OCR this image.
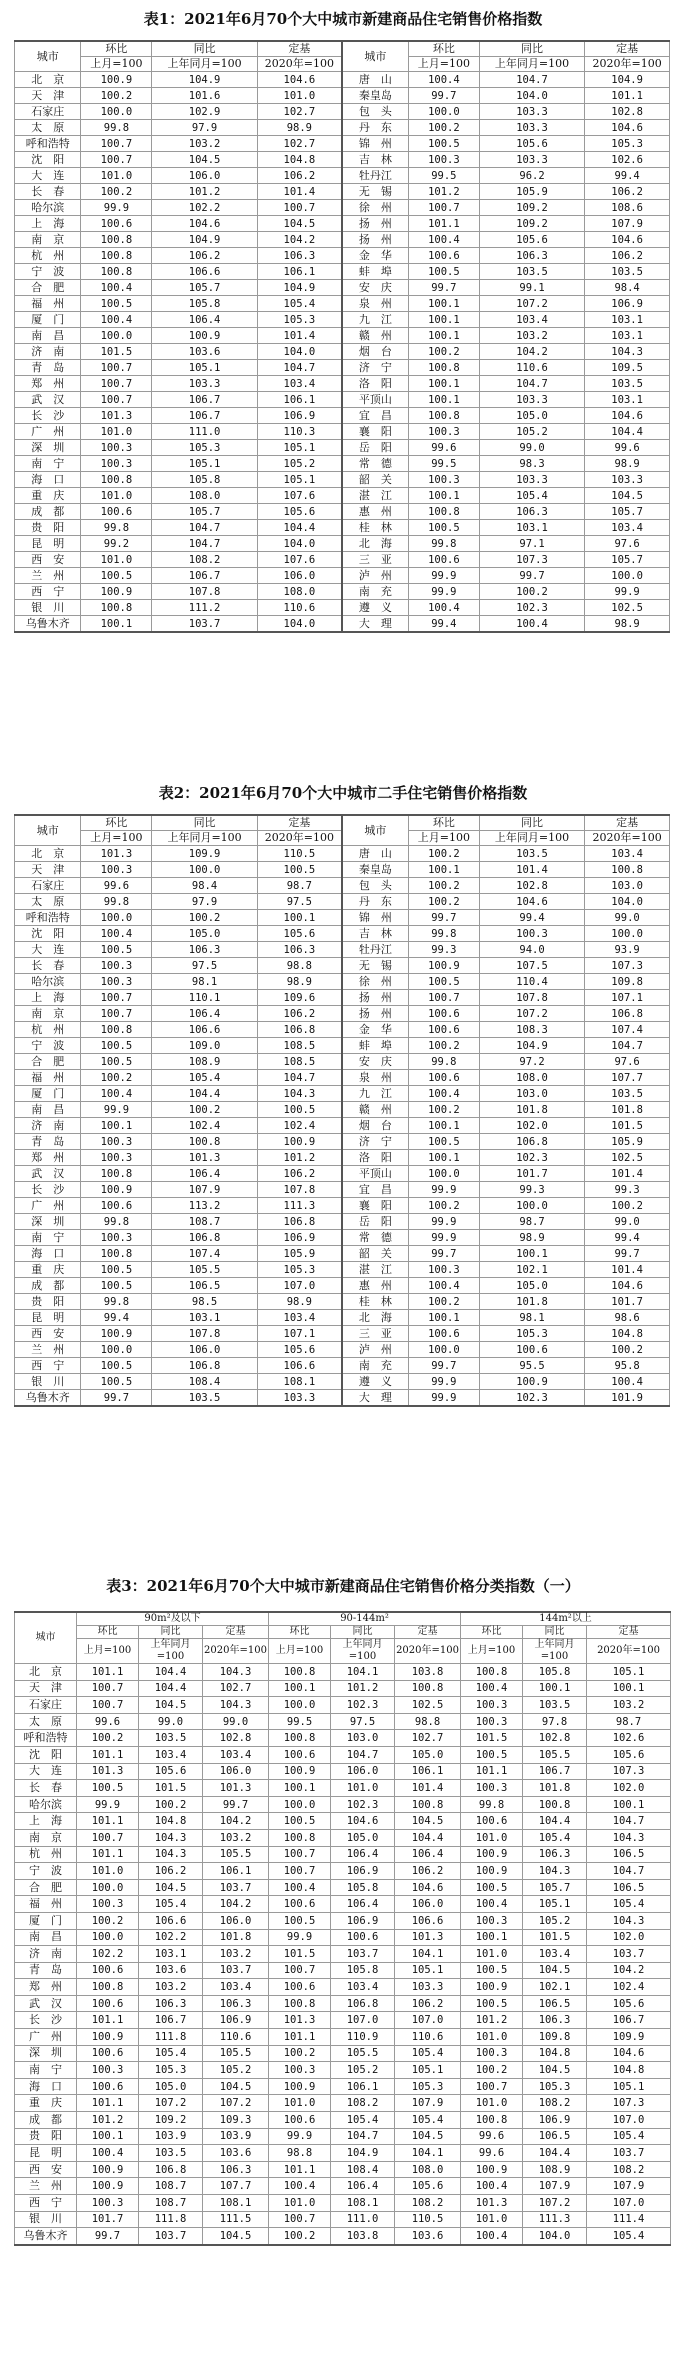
表1：2021年6月70个大中城市新建商品住宅销售价格指数

城市	环比	同比	定基	城市	环比	同比	定基
	上月=100	上年同月=100	2020年=100		上月=100	上年同月=100	2020年=100
北　京	100.9	104.9	104.6	唐　山	100.4	104.7	104.9
天　津	100.2	101.6	101.0	秦皇岛	99.7	104.0	101.1
石家庄	100.0	102.9	102.7	包　头	100.0	103.3	102.8
太　原	99.8	97.9	98.9	丹　东	100.2	103.3	104.6
呼和浩特	100.7	103.2	102.7	锦　州	100.5	105.6	105.3
沈　阳	100.7	104.5	104.8	吉　林	100.3	103.3	102.6
大　连	101.0	106.0	106.2	牡丹江	99.5	96.2	99.4
长　春	100.2	101.2	101.4	无　锡	101.2	105.9	106.2
哈尔滨	99.9	102.2	100.7	徐　州	100.7	109.2	108.6
上　海	100.6	104.6	104.5	扬　州	101.1	109.2	107.9
南　京	100.8	104.9	104.2	扬　州	100.4	105.6	104.6
杭　州	100.8	106.2	106.3	金　华	100.6	106.3	106.2
宁　波	100.8	106.6	106.1	蚌　埠	100.5	103.5	103.5
合　肥	100.4	105.7	104.9	安　庆	99.7	99.1	98.4
福　州	100.5	105.8	105.4	泉　州	100.1	107.2	106.9
厦　门	100.4	106.4	105.3	九　江	100.1	103.4	103.1
南　昌	100.0	100.9	101.4	赣　州	100.1	103.2	103.1
济　南	101.5	103.6	104.0	烟　台	100.2	104.2	104.3
青　岛	100.7	105.1	104.7	济　宁	100.8	110.6	109.5
郑　州	100.7	103.3	103.4	洛　阳	100.1	104.7	103.5
武　汉	100.7	106.7	106.1	平顶山	100.1	103.3	103.1
长　沙	101.3	106.7	106.9	宜　昌	100.8	105.0	104.6
广　州	101.0	111.0	110.3	襄　阳	100.3	105.2	104.4
深　圳	100.3	105.3	105.1	岳　阳	99.6	99.0	99.6
南　宁	100.3	105.1	105.2	常　德	99.5	98.3	98.9
海　口	100.8	105.8	105.1	韶　关	100.3	103.3	103.3
重　庆	101.0	108.0	107.6	湛　江	100.1	105.4	104.5
成　都	100.6	105.7	105.6	惠　州	100.8	106.3	105.7
贵　阳	99.8	104.7	104.4	桂　林	100.5	103.1	103.4
昆　明	99.2	104.7	104.0	北　海	99.8	97.1	97.6
西　安	101.0	108.2	107.6	三　亚	100.6	107.3	105.7
兰　州	100.5	106.7	106.0	泸　州	99.9	99.7	100.0
西　宁	100.9	107.8	108.0	南　充	99.9	100.2	99.9
银　川	100.8	111.2	110.6	遵　义	100.4	102.3	102.5
乌鲁木齐	100.1	103.7	104.0	大　理	99.4	100.4	98.9

表2：2021年6月70个大中城市二手住宅销售价格指数

城市	环比	同比	定基	城市	环比	同比	定基
	上月=100	上年同月=100	2020年=100		上月=100	上年同月=100	2020年=100
北　京	101.3	109.9	110.5	唐　山	100.2	103.5	103.4
天　津	100.3	100.0	100.5	秦皇岛	100.1	101.4	100.8
石家庄	99.6	98.4	98.7	包　头	100.2	102.8	103.0
太　原	99.8	97.9	97.5	丹　东	100.2	104.6	104.0
呼和浩特	100.0	100.2	100.1	锦　州	99.7	99.4	99.0
沈　阳	100.4	105.0	105.6	吉　林	99.8	100.3	100.0
大　连	100.5	106.3	106.3	牡丹江	99.3	94.0	93.9
长　春	100.3	97.5	98.8	无　锡	100.9	107.5	107.3
哈尔滨	100.3	98.1	98.9	徐　州	100.5	110.4	109.8
上　海	100.7	110.1	109.6	扬　州	100.7	107.8	107.1
南　京	100.7	106.4	106.2	扬　州	100.6	107.2	106.8
杭　州	100.8	106.6	106.8	金　华	100.6	108.3	107.4
宁　波	100.5	109.0	108.5	蚌　埠	100.2	104.9	104.7
合　肥	100.5	108.9	108.5	安　庆	99.8	97.2	97.6
福　州	100.2	105.4	104.7	泉　州	100.6	108.0	107.7
厦　门	100.4	104.4	104.3	九　江	100.4	103.0	103.5
南　昌	99.9	100.2	100.5	赣　州	100.2	101.8	101.8
济　南	100.1	102.4	102.4	烟　台	100.1	102.0	101.5
青　岛	100.3	100.8	100.9	济　宁	100.5	106.8	105.9
郑　州	100.3	101.3	101.2	洛　阳	100.1	102.3	102.5
武　汉	100.8	106.4	106.2	平顶山	100.0	101.7	101.4
长　沙	100.9	107.9	107.8	宜　昌	99.9	99.3	99.3
广　州	100.6	113.2	111.3	襄　阳	100.2	100.0	100.2
深　圳	99.8	108.7	106.8	岳　阳	99.9	98.7	99.0
南　宁	100.3	106.8	106.9	常　德	99.9	98.9	99.4
海　口	100.8	107.4	105.9	韶　关	99.7	100.1	99.7
重　庆	100.5	105.5	105.3	湛　江	100.3	102.1	101.4
成　都	100.5	106.5	107.0	惠　州	100.4	105.0	104.6
贵　阳	99.8	98.5	98.9	桂　林	100.2	101.8	101.7
昆　明	99.4	103.1	103.4	北　海	100.1	98.1	98.6
西　安	100.9	107.8	107.1	三　亚	100.6	105.3	104.8
兰　州	100.0	106.0	105.6	泸　州	100.0	100.6	100.2
西　宁	100.5	106.8	106.6	南　充	99.7	95.5	95.8
银　川	100.5	108.4	108.1	遵　义	99.9	100.9	100.4
乌鲁木齐	99.7	103.5	103.3	大　理	99.9	102.3	101.9

表3：2021年6月70个大中城市新建商品住宅销售价格分类指数（一）

城市	90m²及以下			90-144m²			144m²以上		
	环比	同比	定基	环比	同比	定基	环比	同比	定基
	上月=100	上年同月=100	2020年=100	上月=100	上年同月=100	2020年=100	上月=100	上年同月=100	2020年=100
北　京	101.1	104.4	104.3	100.8	104.1	103.8	100.8	105.8	105.1
天　津	100.7	104.4	102.7	100.1	101.2	100.8	100.4	100.1	100.1
石家庄	100.7	104.5	104.3	100.0	102.3	102.5	100.3	103.5	103.2
太　原	99.6	99.0	99.0	99.5	97.5	98.8	100.3	97.8	98.7
呼和浩特	100.2	103.5	102.8	100.8	103.0	102.7	101.5	102.8	102.6
沈　阳	101.1	103.4	103.4	100.6	104.7	105.0	100.5	105.5	105.6
大　连	101.3	105.6	106.0	100.9	106.0	106.1	101.1	106.7	107.3
长　春	100.5	101.5	101.3	100.1	101.0	101.4	100.3	101.8	102.0
哈尔滨	99.9	100.2	99.7	100.0	102.3	100.8	99.8	100.8	100.1
上　海	101.1	104.8	104.2	100.5	104.6	104.5	100.6	104.4	104.7
南　京	100.7	104.3	103.2	100.8	105.0	104.4	101.0	105.4	104.3
杭　州	101.1	104.3	105.5	100.7	106.4	106.4	100.9	106.3	106.5
宁　波	101.0	106.2	106.1	100.7	106.9	106.2	100.9	104.3	104.7
合　肥	100.0	104.5	103.7	100.4	105.8	104.6	100.5	105.7	106.5
福　州	100.3	105.4	104.2	100.6	106.4	106.0	100.4	105.1	105.4
厦　门	100.2	106.6	106.0	100.5	106.9	106.6	100.3	105.2	104.3
南　昌	100.0	102.2	101.8	99.9	100.6	101.3	100.1	101.5	102.0
济　南	102.2	103.1	103.2	101.5	103.7	104.1	101.0	103.4	103.7
青　岛	100.6	103.6	103.7	100.7	105.8	105.1	100.5	104.5	104.2
郑　州	100.8	103.2	103.4	100.6	103.4	103.3	100.9	102.1	102.4
武　汉	100.6	106.3	106.3	100.8	106.8	106.2	100.5	106.5	105.6
长　沙	101.1	106.7	106.9	101.3	107.0	107.0	101.2	106.3	106.7
广　州	100.9	111.8	110.6	101.1	110.9	110.6	101.0	109.8	109.9
深　圳	100.6	105.4	105.5	100.2	105.5	105.4	100.3	104.8	104.6
南　宁	100.3	105.3	105.2	100.3	105.2	105.1	100.2	104.5	104.8
海　口	100.6	105.0	104.5	100.9	106.1	105.3	100.7	105.3	105.1
重　庆	101.1	107.2	107.2	101.0	108.2	107.9	101.0	108.2	107.3
成　都	101.2	109.2	109.3	100.6	105.4	105.4	100.8	106.9	107.0
贵　阳	100.1	103.9	103.9	99.9	104.7	104.5	99.6	106.5	105.4
昆　明	100.4	103.5	103.6	98.8	104.9	104.1	99.6	104.4	103.7
西　安	100.9	106.8	106.3	101.1	108.4	108.0	100.9	108.9	108.2
兰　州	100.9	108.7	107.7	100.4	106.4	105.6	100.4	107.9	107.9
西　宁	100.3	108.7	108.1	101.0	108.1	108.2	101.3	107.2	107.0
银　川	101.7	111.8	111.5	100.7	111.0	110.5	101.0	111.3	111.4
乌鲁木齐	99.7	103.7	104.5	100.2	103.8	103.6	100.4	104.0	105.4
